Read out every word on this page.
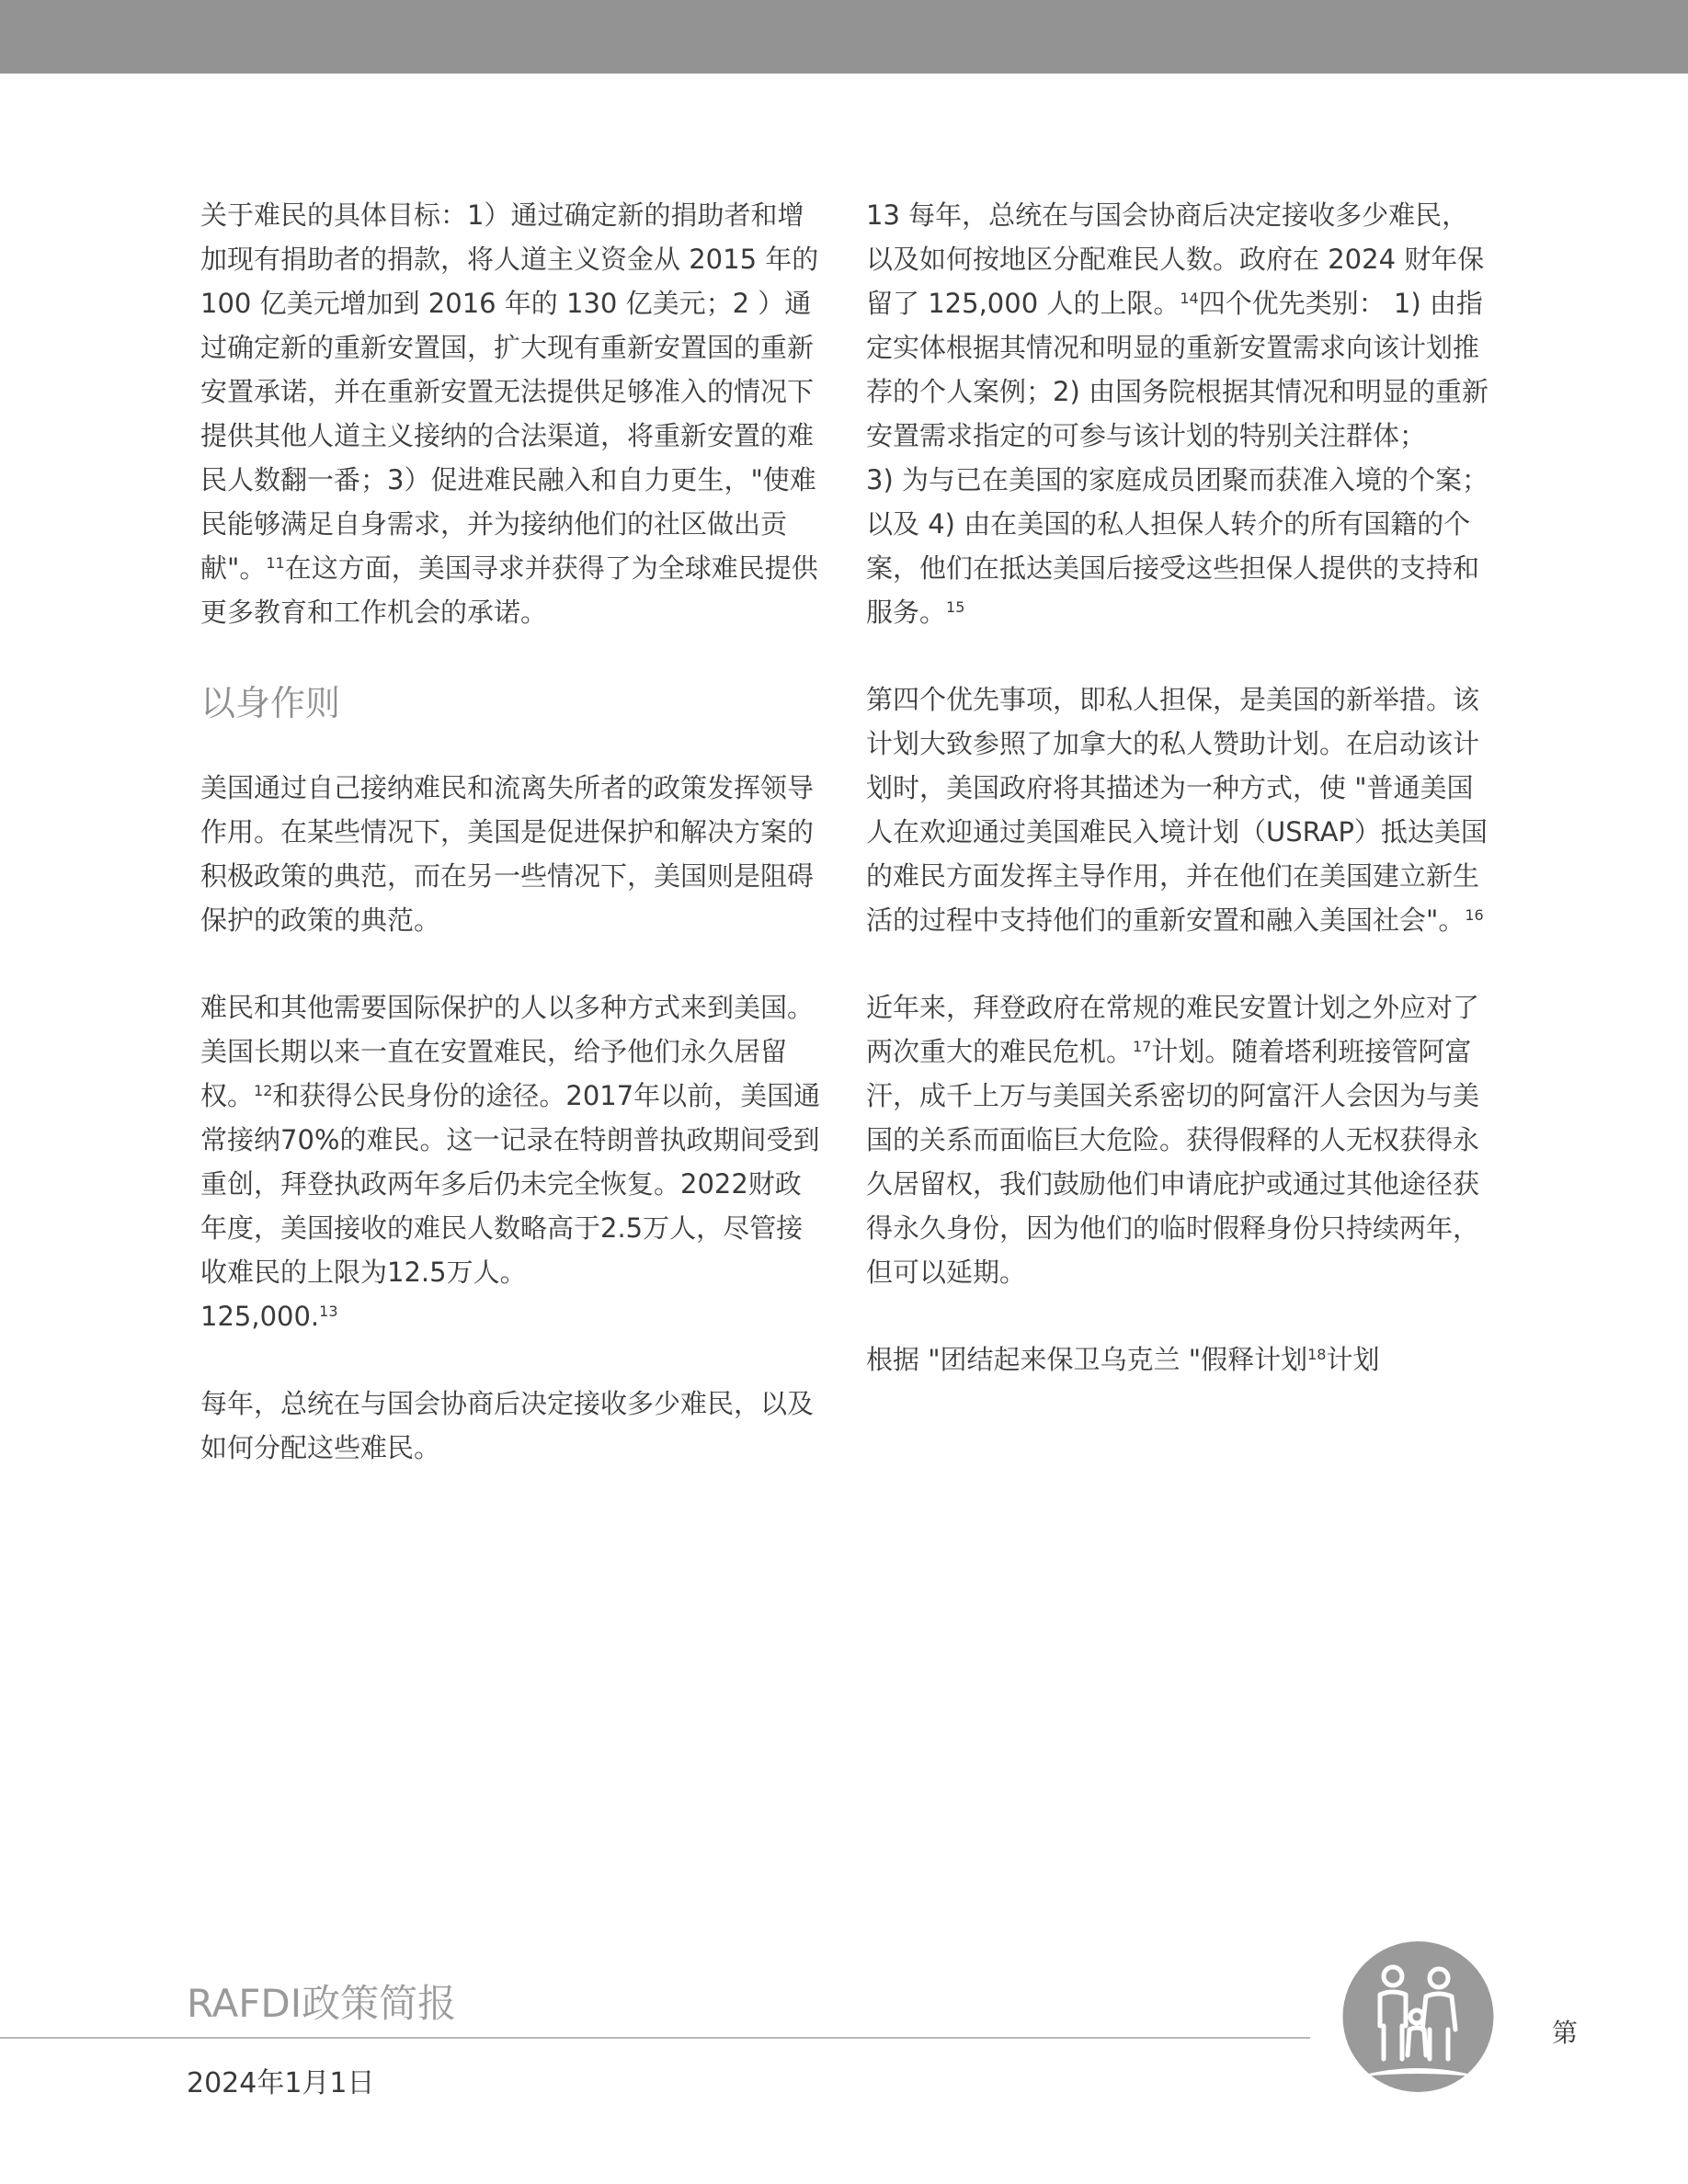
关于难民的具体目标：1）通过确定新的捐助者和增加现有捐助者的捐款，将人道主义资金从 2015 年的 100 亿美元增加到 2016 年的 130 亿美元；2 ）通过确定新的重新安置国，扩大现有重新安置国的重新安置承诺，并在重新安置无法提供足够准入的情况下提供其他人道主义接纳的合法渠道，将重新安置的难民人数翻一番；3）促进难民融入和自力更生，"使难民能够满足自身需求，并为接纳他们的社区做出贡献"。$^{11}$在这方面，美国寻求并获得了为全球难民提供更多教育和工作机会的承诺。

以身作则

美国通过自己接纳难民和流离失所者的政策发挥领导作用。在某些情况下，美国是促进保护和解决方案的积极政策的典范，而在另一些情况下，美国则是阻碍保护的政策的典范。

难民和其他需要国际保护的人以多种方式来到美国。美国长期以来一直在安置难民，给予他们永久居留权。$^{12}$和获得公民身份的途径。2017年以前，美国通常接纳70%的难民。这一记录在特朗普执政期间受到重创，拜登执政两年多后仍未完全恢复。2022财政年度，美国接收的难民人数略高于2.5万人，尽管接收难民的上限为12.5万人。
125,000.13

每年，总统在与国会协商后决定接收多少难民，以及如何分配这些难民。

13 每年，总统在与国会协商后决定接收多少难民，以及如何按地区分配难民人数。政府在 2024 财年保留了 125,000 人的上限。$^{14}$四个优先类别： 1) 由指定实体根据其情况和明显的重新安置需求向该计划推荐的个人案例；2) 由国务院根据其情况和明显的重新安置需求指定的可参与该计划的特别关注群体；

3) 为与已在美国的家庭成员团聚而获准入境的个案；以及 4) 由在美国的私人担保人转介的所有国籍的个案，他们在抵达美国后接受这些担保人提供的支持和服务。$^{15}$

第四个优先事项，即私人担保，是美国的新举措。该计划大致参照了加拿大的私人赞助计划。在启动该计划时，美国政府将其描述为一种方式，使 "普通美国人在欢迎通过美国难民入境计划（USRAP）抵达美国的难民方面发挥主导作用，并在他们在美国建立新生活的过程中支持他们的重新安置和融入美国社会"。$^{16}$

近年来，拜登政府在常规的难民安置计划之外应对了两次重大的难民危机。$^{17}$计划。随着塔利班接管阿富汗，成千上万与美国关系密切的阿富汗人会因为与美国的关系而面临巨大危险。获得假释的人无权获得永久居留权，我们鼓励他们申请庇护或通过其他途径获得永久身份，因为他们的临时假释身份只持续两年，但可以延期。

根据 "团结起来保卫乌克兰 "假释计划$^{18}$计划

RAFDI政策简报
2024年1月1日
第
